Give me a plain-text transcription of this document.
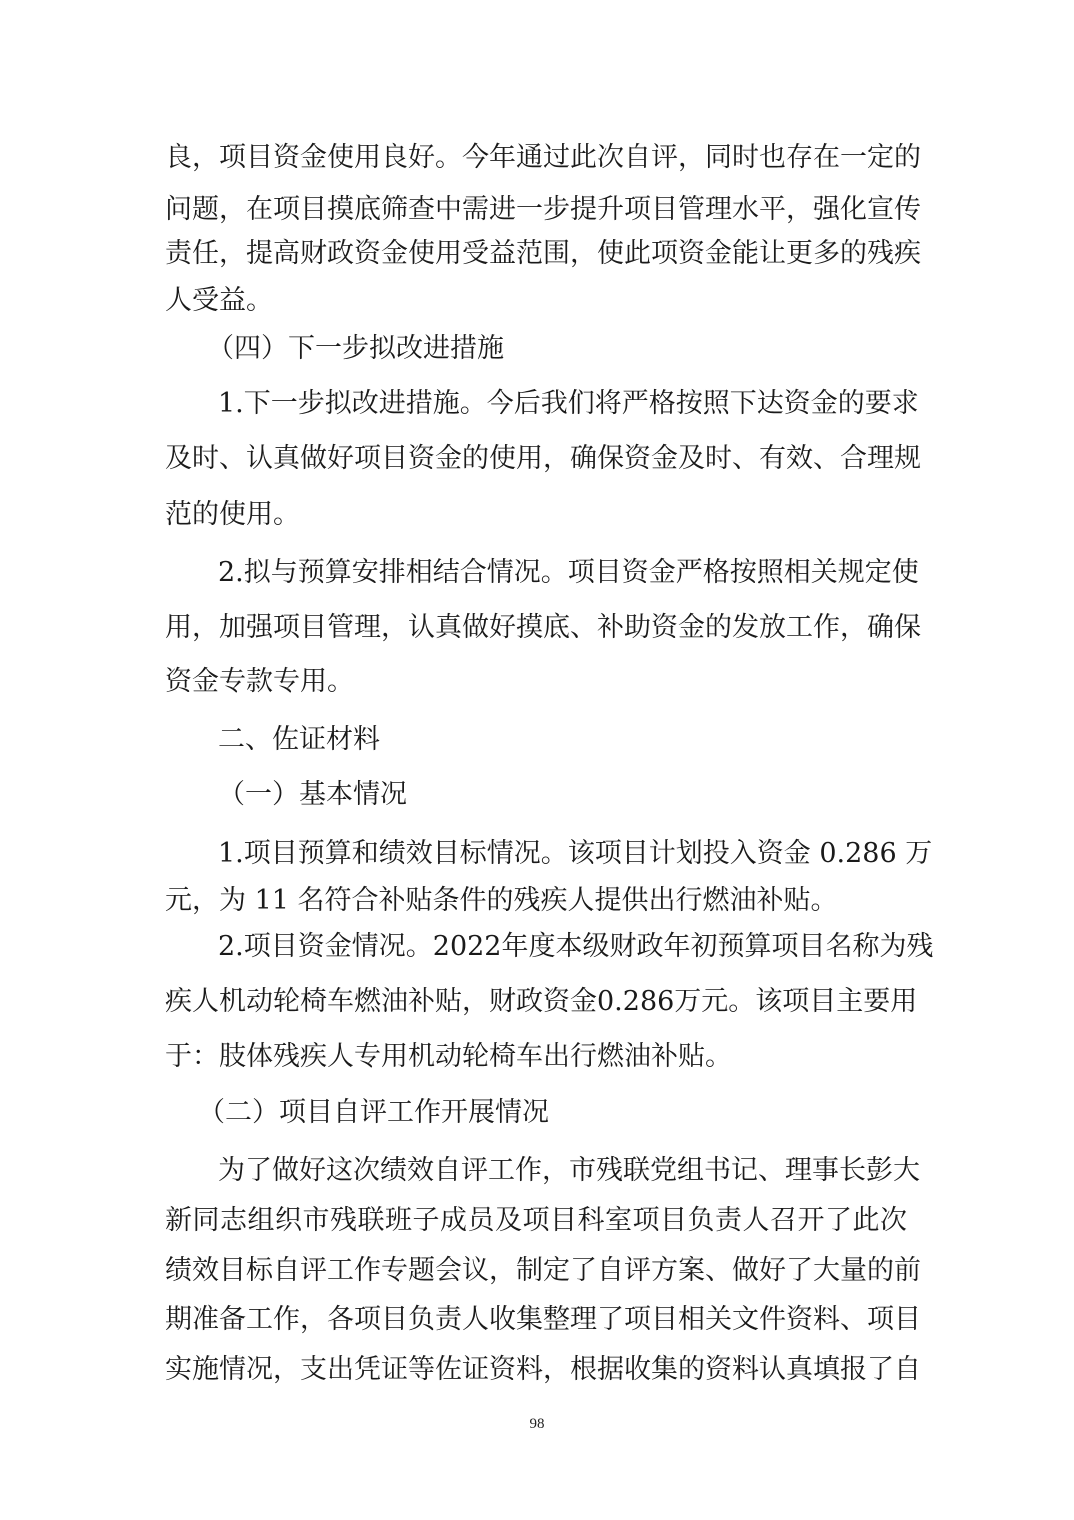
良，项目资金使用良好。今年通过此次自评，同时也存在一定的
问题，在项目摸底筛查中需进一步提升项目管理水平，强化宣传
责任，提高财政资金使用受益范围，使此项资金能让更多的残疾
人受益。
（四）下一步拟改进措施
1.下一步拟改进措施。今后我们将严格按照下达资金的要求
及时、认真做好项目资金的使用，确保资金及时、有效、合理规
范的使用。
2.拟与预算安排相结合情况。项目资金严格按照相关规定使
用，加强项目管理，认真做好摸底、补助资金的发放工作，确保
资金专款专用。
二、佐证材料
（一）基本情况
1.项目预算和绩效目标情况。该项目计划投入资金 0.286 万
元，为 11 名符合补贴条件的残疾人提供出行燃油补贴。
2.项目资金情况。2022年度本级财政年初预算项目名称为残
疾人机动轮椅车燃油补贴，财政资金0.286万元。该项目主要用
于：肢体残疾人专用机动轮椅车出行燃油补贴。
（二）项目自评工作开展情况
为了做好这次绩效自评工作，市残联党组书记、理事长彭大
新同志组织市残联班子成员及项目科室项目负责人召开了此次
绩效目标自评工作专题会议，制定了自评方案、做好了大量的前
期准备工作，各项目负责人收集整理了项目相关文件资料、项目
实施情况，支出凭证等佐证资料，根据收集的资料认真填报了自
98
